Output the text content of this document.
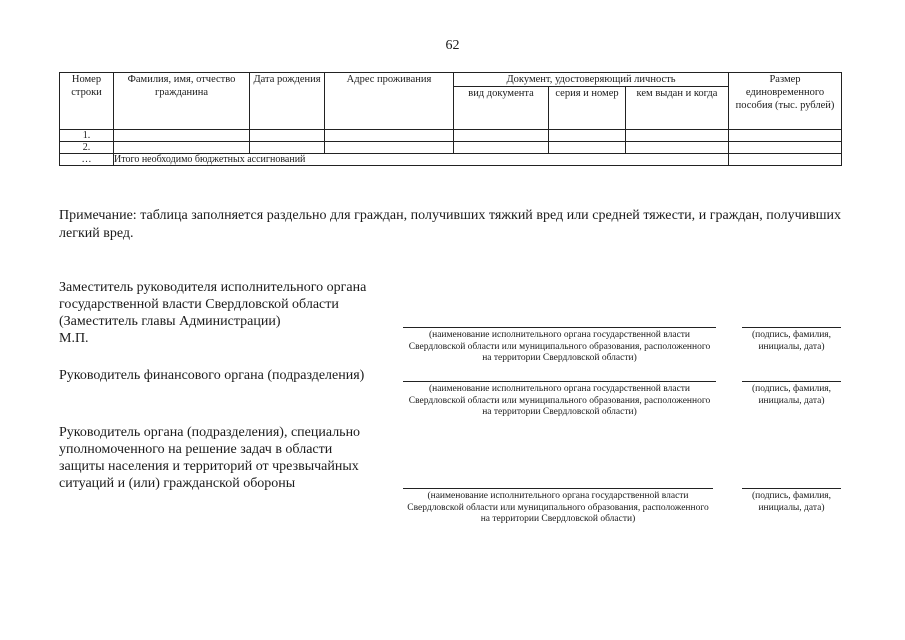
62
Номер строки	Фамилия, имя, отчество гражданина	Дата рождения	Адрес проживания	Документ, удостоверяющий личность			Размер единовременного пособия (тыс. рублей)
				вид документа	серия и номер	кем выдан и когда	
1.							
2.							
…	Итого необходимо бюджетных ассигнований						
Примечание: таблица заполняется раздельно для граждан, получивших тяжкий вред или средней тяжести, и граждан, получивших легкий вред.
Заместитель руководителя исполнительного органа
государственной власти Свердловской области
(Заместитель главы Администрации)
М.П.	(наименование исполнительного органа государственной власти Свердловской области или муниципального образования, расположенного на территории Свердловской области)
(подпись, фамилия, инициалы, дата)
Руководитель финансового органа (подразделения)
(наименование исполнительного органа государственной власти Свердловской области или муниципального образования, расположенного на территории Свердловской области)
(подпись, фамилия, инициалы, дата)
Руководитель органа (подразделения), специально
уполномоченного на решение задач в области
защиты населения и территорий от чрезвычайных
ситуаций и (или) гражданской обороны
(наименование исполнительного органа государственной власти Свердловской области или муниципального образования, расположенного на территории Свердловской области)
(подпись, фамилия, инициалы, дата)
